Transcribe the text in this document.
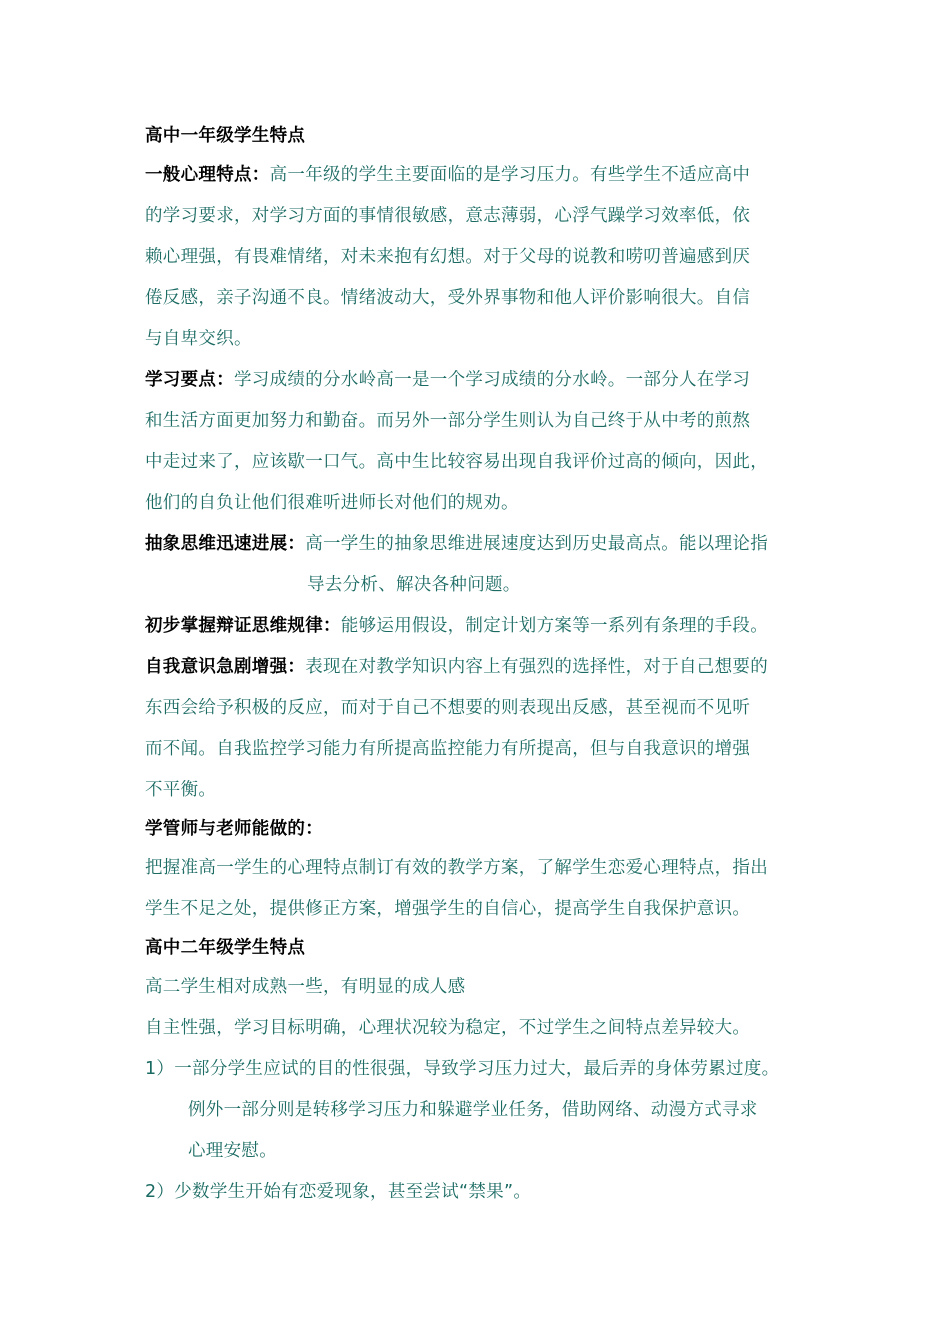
高中一年级学生特点
一般心理特点：高一年级的学生主要面临的是学习压力。有些学生不适应高中
的学习要求，对学习方面的事情很敏感，意志薄弱，心浮气躁学习效率低，依
赖心理强，有畏难情绪，对未来抱有幻想。对于父母的说教和唠叨普遍感到厌
倦反感，亲子沟通不良。情绪波动大，受外界事物和他人评价影响很大。自信
与自卑交织。
学习要点：学习成绩的分水岭高一是一个学习成绩的分水岭。一部分人在学习
和生活方面更加努力和勤奋。而另外一部分学生则认为自己终于从中考的煎熬
中走过来了，应该歇一口气。高中生比较容易出现自我评价过高的倾向，因此，
他们的自负让他们很难听进师长对他们的规劝。
抽象思维迅速进展：高一学生的抽象思维进展速度达到历史最高点。能以理论指
导去分析、解决各种问题。
初步掌握辩证思维规律：能够运用假设，制定计划方案等一系列有条理的手段。
自我意识急剧增强：表现在对教学知识内容上有强烈的选择性，对于自己想要的
东西会给予积极的反应，而对于自己不想要的则表现出反感，甚至视而不见听
而不闻。自我监控学习能力有所提高监控能力有所提高，但与自我意识的增强
不平衡。
学管师与老师能做的：
把握准高一学生的心理特点制订有效的教学方案，了解学生恋爱心理特点，指出
学生不足之处，提供修正方案，增强学生的自信心，提高学生自我保护意识。
高中二年级学生特点
高二学生相对成熟一些，有明显的成人感
自主性强，学习目标明确，心理状况较为稳定，不过学生之间特点差异较大。
1）一部分学生应试的目的性很强，导致学习压力过大，最后弄的身体劳累过度。
例外一部分则是转移学习压力和躲避学业任务，借助网络、动漫方式寻求
心理安慰。
2）少数学生开始有恋爱现象，甚至尝试“禁果”。
